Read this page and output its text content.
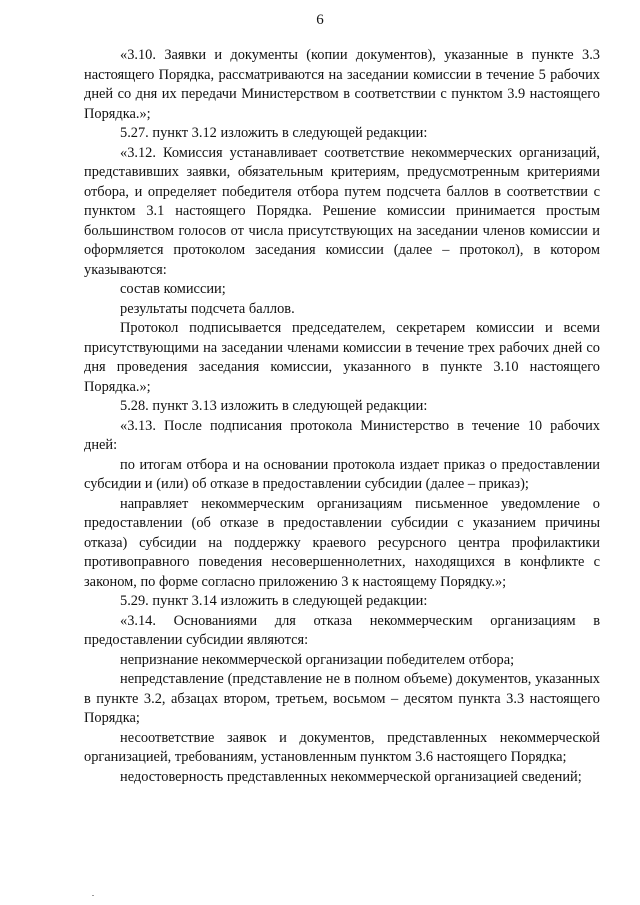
6

«3.10. Заявки и документы (копии документов), указанные в пункте 3.3 настоящего Порядка, рассматриваются на заседании комиссии в течение 5 рабочих дней со дня их передачи Министерством в соответствии с пунктом 3.9 настоящего Порядка.»;

5.27. пункт 3.12 изложить в следующей редакции:

«3.12. Комиссия устанавливает соответствие некоммерческих организаций, представивших заявки, обязательным критериям, предусмотренным критериями отбора, и определяет победителя отбора путем подсчета баллов в соответствии с пунктом 3.1 настоящего Порядка. Решение комиссии принимается простым большинством голосов от числа присутствующих на заседании членов комиссии и оформляется протоколом заседания комиссии (далее – протокол), в котором указываются:

состав комиссии;

результаты подсчета баллов.

Протокол подписывается председателем, секретарем комиссии и всеми присутствующими на заседании членами комиссии в течение трех рабочих дней со дня проведения заседания комиссии, указанного в пункте 3.10 настоящего Порядка.»;

5.28. пункт 3.13 изложить в следующей редакции:

«3.13. После подписания протокола Министерство в течение 10 рабочих дней:

по итогам отбора и на основании протокола издает приказ о предоставлении субсидии и (или) об отказе в предоставлении субсидии (далее – приказ);

направляет некоммерческим организациям письменное уведомление о предоставлении (об отказе в предоставлении субсидии с указанием причины отказа) субсидии на поддержку краевого ресурсного центра профилактики противоправного поведения несовершеннолетних, находящихся в конфликте с законом, по форме согласно приложению 3 к настоящему Порядку.»;

5.29. пункт 3.14 изложить в следующей редакции:

«3.14. Основаниями для отказа некоммерческим организациям в предоставлении субсидии являются:

непризнание некоммерческой организации победителем отбора;

непредставление (представление не в полном объеме) документов, указанных в пункте 3.2, абзацах втором, третьем, восьмом – десятом пункта 3.3 настоящего Порядка;

несоответствие заявок и документов, представленных некоммерческой организацией, требованиям, установленным пунктом 3.6 настоящего Порядка;

недостоверность представленных некоммерческой организацией сведений;
